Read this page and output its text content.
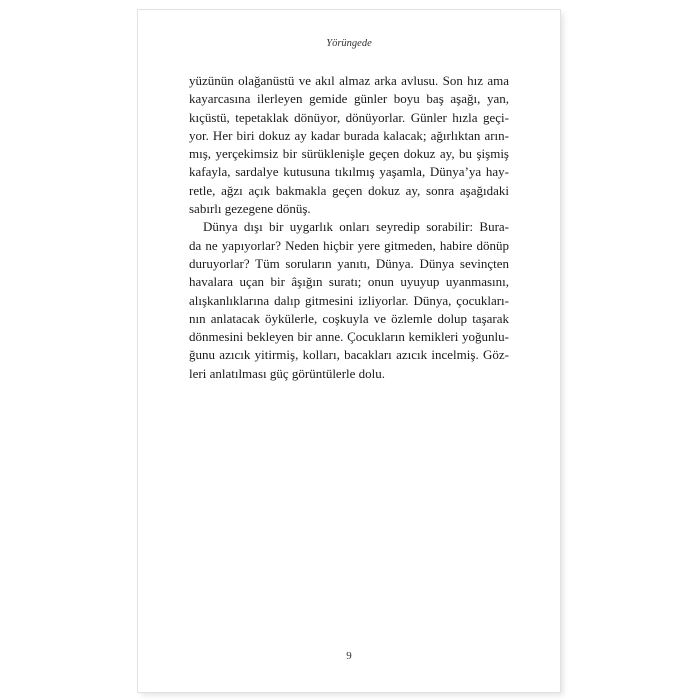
Yörüngede

yüzünün olağanüstü ve akıl almaz arka avlusu. Son hız ama
kayarcasına ilerleyen gemide günler boyu baş aşağı, yan,
kıçüstü, tepetaklak dönüyor, dönüyorlar. Günler hızla geçi-
yor. Her biri dokuz ay kadar burada kalacak; ağırlıktan arın-
mış, yerçekimsiz bir sürüklenişle geçen dokuz ay, bu şişmiş
kafayla, sardalye kutusuna tıkılmış yaşamla, Dünya’ya hay-
retle, ağzı açık bakmakla geçen dokuz ay, sonra aşağıdaki
sabırlı gezegene dönüş.

Dünya dışı bir uygarlık onları seyredip sorabilir: Bura-
da ne yapıyorlar? Neden hiçbir yere gitmeden, habire dönüp
duruyorlar? Tüm soruların yanıtı, Dünya. Dünya sevinçten
havalara uçan bir âşığın suratı; onun uyuyup uyanmasını,
alışkanlıklarına dalıp gitmesini izliyorlar. Dünya, çocukları-
nın anlatacak öykülerle, coşkuyla ve özlemle dolup taşarak
dönmesini bekleyen bir anne. Çocukların kemikleri yoğunlu-
ğunu azıcık yitirmiş, kolları, bacakları azıcık incelmiş. Göz-
leri anlatılması güç görüntülerle dolu.

9
